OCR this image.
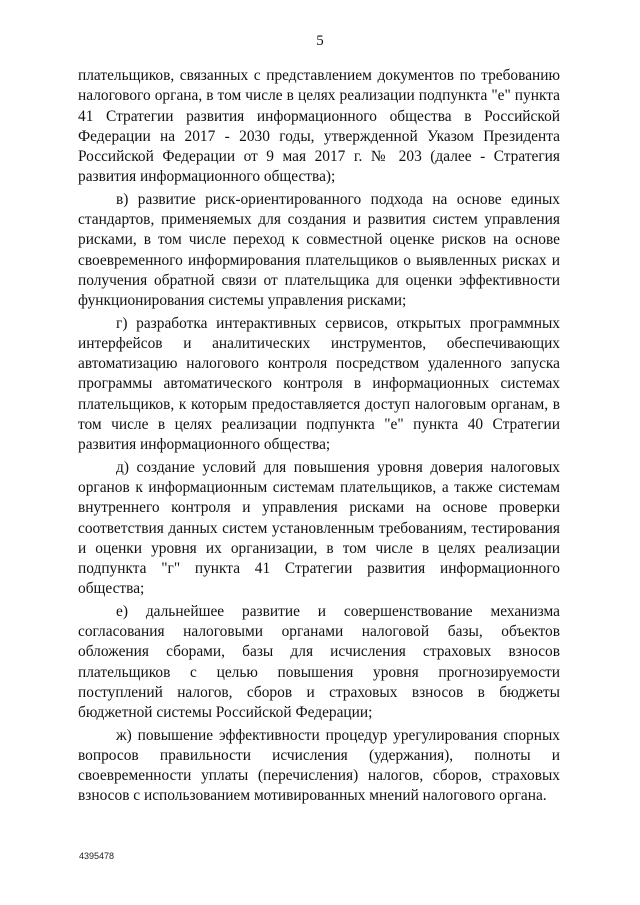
5

плательщиков, связанных с представлением документов по требованию налогового органа, в том числе в целях реализации подпункта "е" пункта 41 Стратегии развития информационного общества в Российской Федерации на 2017 - 2030 годы, утвержденной Указом Президента Российской Федерации от 9 мая 2017 г. № 203 (далее - Стратегия развития информационного общества);

в) развитие риск-ориентированного подхода на основе единых стандартов, применяемых для создания и развития систем управления рисками, в том числе переход к совместной оценке рисков на основе своевременного информирования плательщиков о выявленных рисках и получения обратной связи от плательщика для оценки эффективности функционирования системы управления рисками;

г) разработка интерактивных сервисов, открытых программных интерфейсов и аналитических инструментов, обеспечивающих автоматизацию налогового контроля посредством удаленного запуска программы автоматического контроля в информационных системах плательщиков, к которым предоставляется доступ налоговым органам, в том числе в целях реализации подпункта "е" пункта 40 Стратегии развития информационного общества;

д) создание условий для повышения уровня доверия налоговых органов к информационным системам плательщиков, а также системам внутреннего контроля и управления рисками на основе проверки соответствия данных систем установленным требованиям, тестирования и оценки уровня их организации, в том числе в целях реализации подпункта "г" пункта 41 Стратегии развития информационного общества;

е) дальнейшее развитие и совершенствование механизма согласования налоговыми органами налоговой базы, объектов обложения сборами, базы для исчисления страховых взносов плательщиков с целью повышения уровня прогнозируемости поступлений налогов, сборов и страховых взносов в бюджеты бюджетной системы Российской Федерации;

ж) повышение эффективности процедур урегулирования спорных вопросов правильности исчисления (удержания), полноты и своевременности уплаты (перечисления) налогов, сборов, страховых взносов с использованием мотивированных мнений налогового органа.

4395478
